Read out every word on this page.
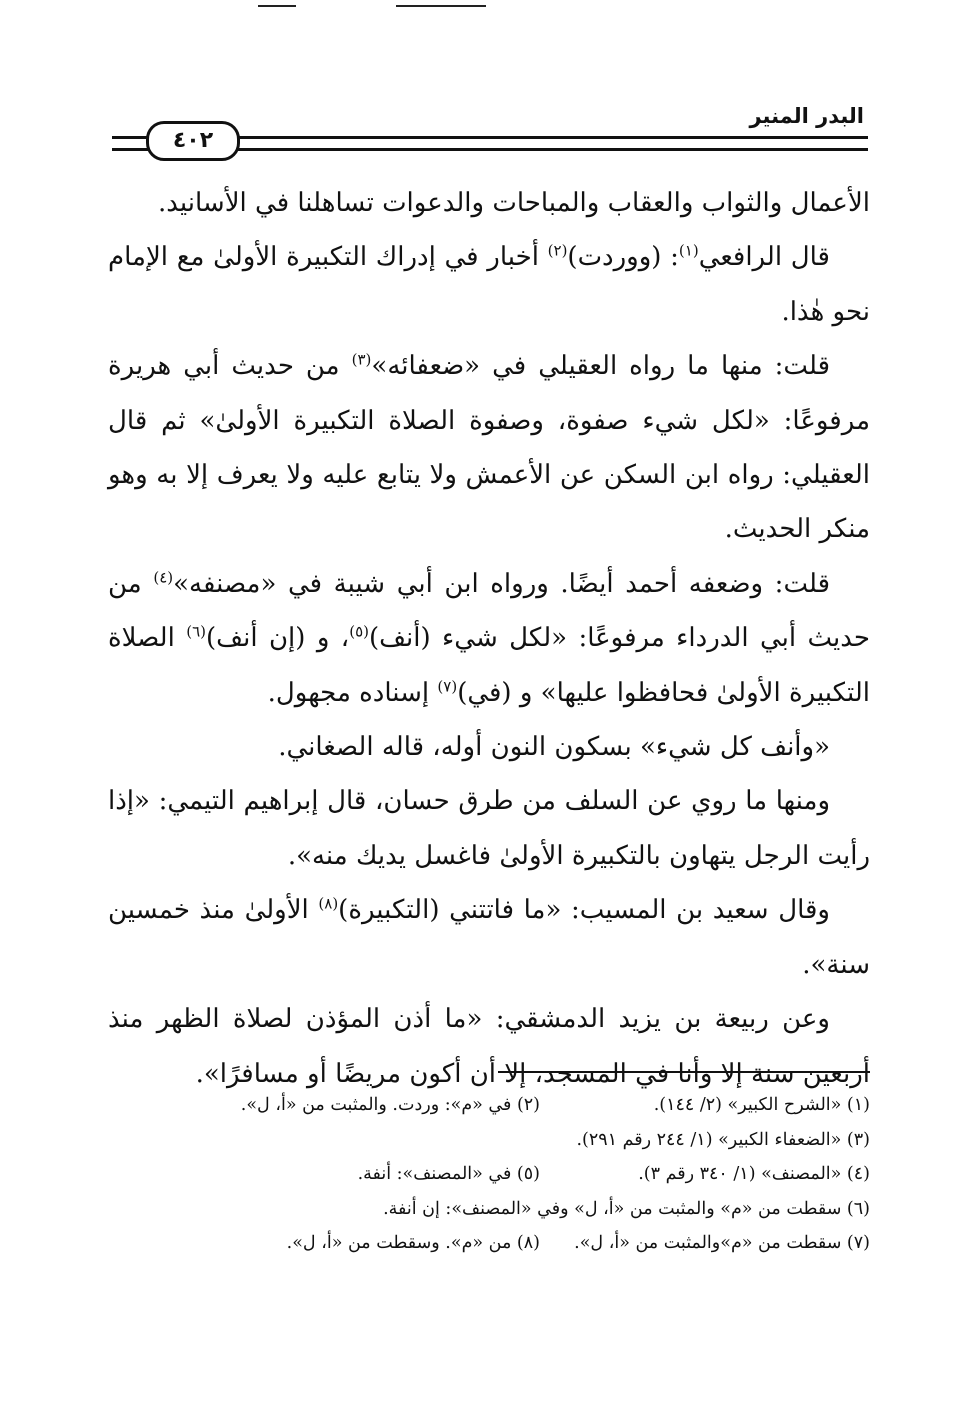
البدر المنير
٤٠٢

الأعمال والثواب والعقاب والمباحات والدعوات تساهلنا في الأسانيد.

قال الرافعي$^{(١)}$: (ووردت)$^{(٢)}$ أخبار في إدراك التكبيرة الأولىٰ مع الإمام نحو هٰذا.

قلت: منها ما رواه العقيلي في «ضعفائه»$^{(٣)}$ من حديث أبي هريرة مرفوعًا: «لكل شيء صفوة، وصفوة الصلاة التكبيرة الأولىٰ» ثم قال العقيلي: رواه ابن السكن عن الأعمش ولا يتابع عليه ولا يعرف إلا به وهو منكر الحديث.

قلت: وضعفه أحمد أيضًا. ورواه ابن أبي شيبة في «مصنفه»$^{(٤)}$ من حديث أبي الدرداء مرفوعًا: «لكل شيء (أنف)$^{(٥)}$، و (إن أنف)$^{(٦)}$ الصلاة التكبيرة الأولىٰ فحافظوا عليها» و (في)$^{(٧)}$ إسناده مجهول.

«وأنف كل شيء» بسكون النون أوله، قاله الصغاني.

ومنها ما روي عن السلف من طرق حسان، قال إبراهيم التيمي: «إذا رأيت الرجل يتهاون بالتكبيرة الأولىٰ فاغسل يديك منه».

وقال سعيد بن المسيب: «ما فاتتني (التكبيرة)$^{(٨)}$ الأولىٰ منذ خمسين سنة».

وعن ربيعة بن يزيد الدمشقي: «ما أذن المؤذن لصلاة الظهر منذ أربعين سنة إلا وأنا في المسجد، إلا أن أكون مريضًا أو مسافرًا».

(١) «الشرح الكبير» (٢/ ١٤٤).(٢) في «م»: وردت. والمثبت من «أ، ل».
(٣) «الضعفاء الكبير» (١/ ٢٤٤ رقم ٢٩١).
(٤) «المصنف» (١/ ٣٤٠ رقم ٣).(٥) في «المصنف»: أنفة.
(٦) سقطت من «م» والمثبت من «أ، ل» وفي «المصنف»: إن أنفة.
(٧) سقطت من «م»والمثبت من «أ، ل».(٨) من «م». وسقطت من «أ، ل».
